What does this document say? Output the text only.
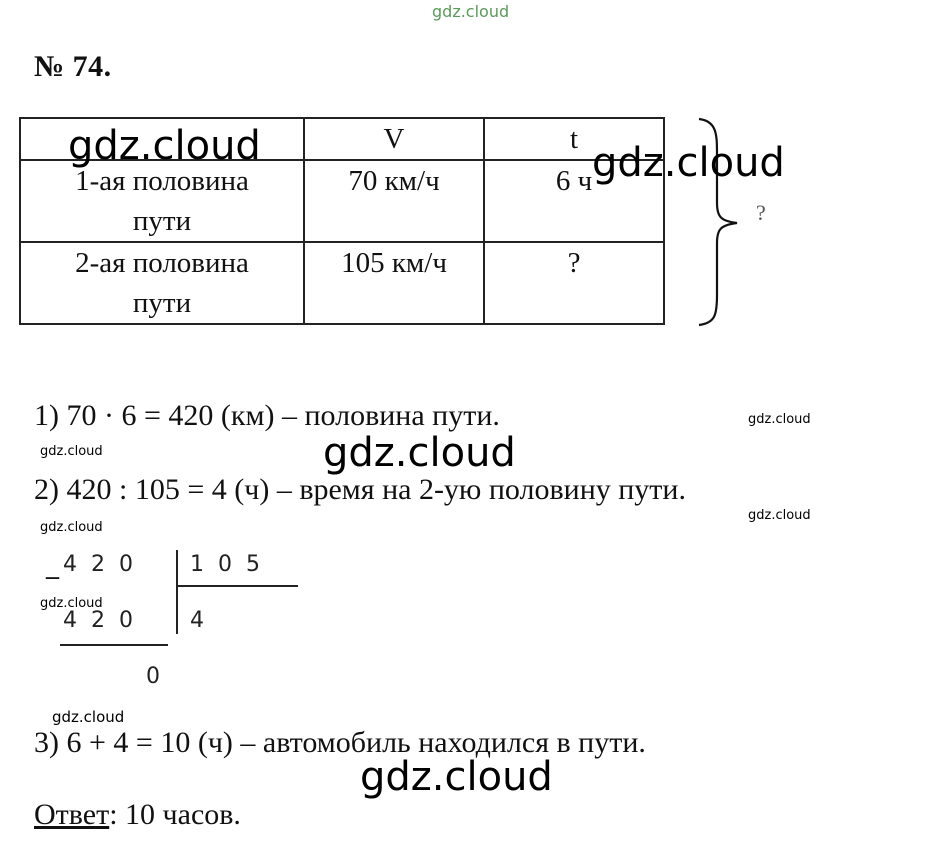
gdz.cloud
№ 74.
	V	t

1-ая половина
пути	70 км/ч	6 ч

2-ая половина
пути	105 км/ч	?
?
1) 70 · 6 = 420 (км) – половина пути.
2) 420 : 105 = 4 (ч) – время на 2-ую половину пути.
420
_	105
420 4
0
3) 6 + 4 = 10 (ч) – автомобиль находился в пути.
Ответ: 10 часов.
gdz.cloud	gdz.cloud
gdz.cloud
gdz.cloud
gdz.cloud
gdz.cloud
gdz.cloud
gdz.cloud
gdz.cloud
gdz.cloud
